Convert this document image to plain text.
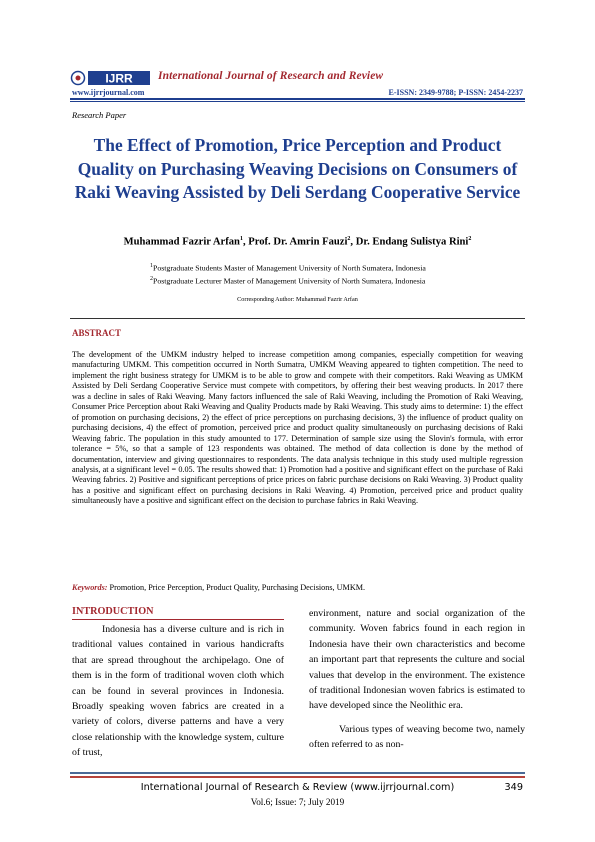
IJRR International Journal of Research and Review
www.ijrrjournal.com	E-ISSN: 2349-9788; P-ISSN: 2454-2237
Research Paper
The Effect of Promotion, Price Perception and Product Quality on Purchasing Weaving Decisions on Consumers of Raki Weaving Assisted by Deli Serdang Cooperative Service
Muhammad Fazrir Arfan$^1$, Prof. Dr. Amrin Fauzi$^2$, Dr. Endang Sulistya Rini$^2$
$^1$Postgraduate Students Master of Management University of North Sumatera, Indonesia
$^2$Postgraduate Lecturer Master of Management University of North Sumatera, Indonesia
Corresponding Author: Muhammad Fazrir Arfan
ABSTRACT
The development of the UMKM industry helped to increase competition among companies, especially competition for weaving manufacturing UMKM. This competition occurred in North Sumatra, UMKM Weaving appeared to tighten competition. The need to implement the right business strategy for UMKM is to be able to grow and compete with their competitors. Raki Weaving as UMKM Assisted by Deli Serdang Cooperative Service must compete with competitors, by offering their best weaving products. In 2017 there was a decline in sales of Raki Weaving. Many factors influenced the sale of Raki Weaving, including the Promotion of Raki Weaving, Consumer Price Perception about Raki Weaving and Quality Products made by Raki Weaving. This study aims to determine: 1) the effect of promotion on purchasing decisions, 2) the effect of price perceptions on purchasing decisions, 3) the influence of product quality on purchasing decisions, 4) the effect of promotion, perceived price and product quality simultaneously on purchasing decisions of Raki Weaving fabric. The population in this study amounted to 177. Determination of sample size using the Slovin's formula, with error tolerance = 5%, so that a sample of 123 respondents was obtained. The method of data collection is done by the method of documentation, interview and giving questionnaires to respondents. The data analysis technique in this study used multiple regression analysis, at a significant level = 0.05. The results showed that: 1) Promotion had a positive and significant effect on the purchase of Raki Weaving fabrics. 2) Positive and significant perceptions of price prices on fabric purchase decisions on Raki Weaving. 3) Product quality has a positive and significant effect on purchasing decisions in Raki Weaving. 4) Promotion, perceived price and product quality simultaneously have a positive and significant effect on the decision to purchase fabrics in Raki Weaving.
Keywords: Promotion, Price Perception, Product Quality, Purchasing Decisions, UMKM.
INTRODUCTION

Indonesia has a diverse culture and is rich in traditional values contained in various handicrafts that are spread throughout the archipelago. One of them is in the form of traditional woven cloth which can be found in several provinces in Indonesia. Broadly speaking woven fabrics are created in a variety of colors, diverse patterns and have a very close relationship with the knowledge system, culture of trust,

environment, nature and social organization of the community. Woven fabrics found in each region in Indonesia have their own characteristics and become an important part that represents the culture and social values that develop in the environment. The existence of traditional Indonesian woven fabrics is estimated to have developed since the Neolithic era.

Various types of weaving become two, namely often referred to as non-

International Journal of Research & Review (www.ijrrjournal.com)	349
Vol.6; Issue: 7; July 2019
